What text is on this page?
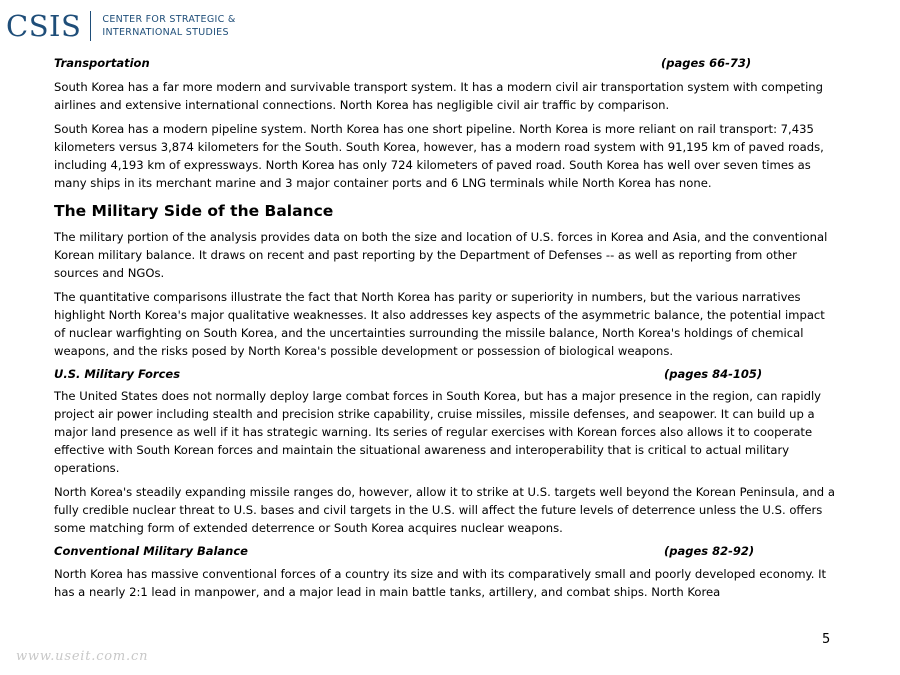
CSIS CENTER FOR STRATEGIC &
INTERNATIONAL STUDIES
Transportation	(pages 66-73)

South Korea has a far more modern and survivable transport system. It has a modern civil air transportation system with competing airlines and extensive international connections. North Korea has negligible civil air traffic by comparison.

South Korea has a modern pipeline system. North Korea has one short pipeline. North Korea is more reliant on rail transport: 7,435 kilometers versus 3,874 kilometers for the South. South Korea, however, has a modern road system with 91,195 km of paved roads, including 4,193 km of expressways. North Korea has only 724 kilometers of paved road. South Korea has well over seven times as many ships in its merchant marine and 3 major container ports and 6 LNG terminals while North Korea has none.

The Military Side of the Balance

The military portion of the analysis provides data on both the size and location of U.S. forces in Korea and Asia, and the conventional Korean military balance. It draws on recent and past reporting by the Department of Defenses -- as well as reporting from other sources and NGOs.

The quantitative comparisons illustrate the fact that North Korea has parity or superiority in numbers, but the various narratives highlight North Korea's major qualitative weaknesses. It also addresses key aspects of the asymmetric balance, the potential impact of nuclear warfighting on South Korea, and the uncertainties surrounding the missile balance, North Korea's holdings of chemical weapons, and the risks posed by North Korea's possible development or possession of biological weapons.

U.S. Military Forces	(pages 84-105)

The United States does not normally deploy large combat forces in South Korea, but has a major presence in the region, can rapidly project air power including stealth and precision strike capability, cruise missiles, missile defenses, and seapower. It can build up a major land presence as well if it has strategic warning. Its series of regular exercises with Korean forces also allows it to cooperate effective with South Korean forces and maintain the situational awareness and interoperability that is critical to actual military operations.

North Korea's steadily expanding missile ranges do, however, allow it to strike at U.S. targets well beyond the Korean Peninsula, and a fully credible nuclear threat to U.S. bases and civil targets in the U.S. will affect the future levels of deterrence unless the U.S. offers some matching form of extended deterrence or South Korea acquires nuclear weapons.

Conventional Military Balance	(pages 82-92)

North Korea has massive conventional forces of a country its size and with its comparatively small and poorly developed economy. It has a nearly 2:1 lead in manpower, and a major lead in main battle tanks, artillery, and combat ships. North Korea

5
www.useit.com.cn
